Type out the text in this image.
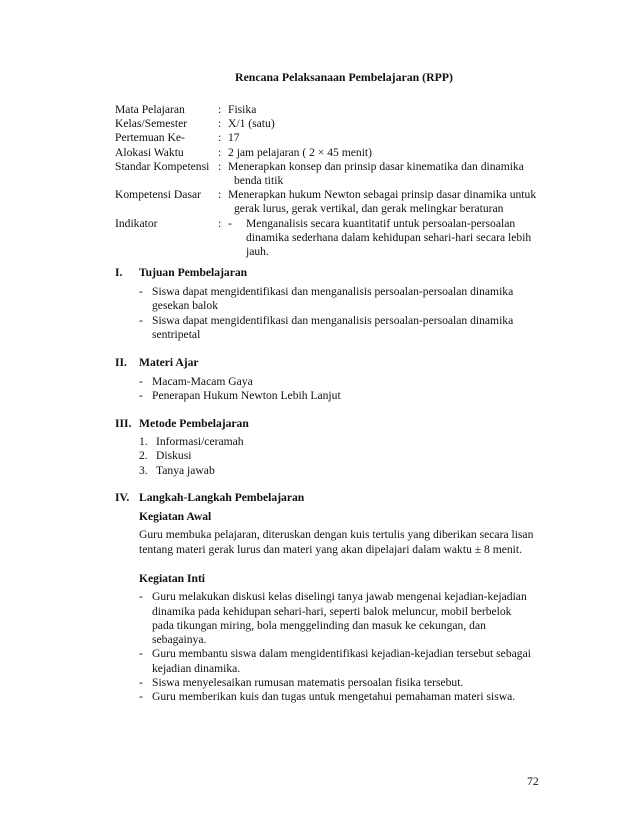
Rencana Pelaksanaan Pembelajaran (RPP)
Mata Pelajaran	: Fisika
Kelas/Semester	: X/1 (satu)
Pertemuan Ke-	: 17
Alokasi Waktu	: 2 jam pelajaran ( 2 × 45 menit)
Standar Kompetensi : Menerapkan konsep dan prinsip dasar kinematika dan dinamika
benda titik
Kompetensi Dasar	: Menerapkan hukum Newton sebagai prinsip dasar dinamika untuk
gerak lurus, gerak vertikal, dan gerak melingkar beraturan
Indikator	: - Menganalisis secara kuantitatif untuk persoalan-persoalan
dinamika sederhana dalam kehidupan sehari-hari secara lebih
jauh.
I.	Tujuan Pembelajaran
- Siswa dapat mengidentifikasi dan menganalisis persoalan-persoalan dinamika
gesekan balok
- Siswa dapat mengidentifikasi dan menganalisis persoalan-persoalan dinamika
sentripetal
II.	Materi Ajar
- Macam-Macam Gaya
- Penerapan Hukum Newton Lebih Lanjut
III. Metode Pembelajaran
1. Informasi/ceramah
2. Diskusi
3. Tanya jawab
IV. Langkah-Langkah Pembelajaran
Kegiatan Awal
Guru membuka pelajaran, diteruskan dengan kuis tertulis yang diberikan secara lisan
tentang materi gerak lurus dan materi yang akan dipelajari dalam waktu ± 8 menit.
Kegiatan Inti
- Guru melakukan diskusi kelas diselingi tanya jawab mengenai kejadian-kejadian
dinamika pada kehidupan sehari-hari, seperti balok meluncur, mobil berbelok
pada tikungan miring, bola menggelinding dan masuk ke cekungan, dan
sebagainya.
- Guru membantu siswa dalam mengidentifikasi kejadian-kejadian tersebut sebagai
kejadian dinamika.
- Siswa menyelesaikan rumusan matematis persoalan fisika tersebut.
- Guru memberikan kuis dan tugas untuk mengetahui pemahaman materi siswa.
72
